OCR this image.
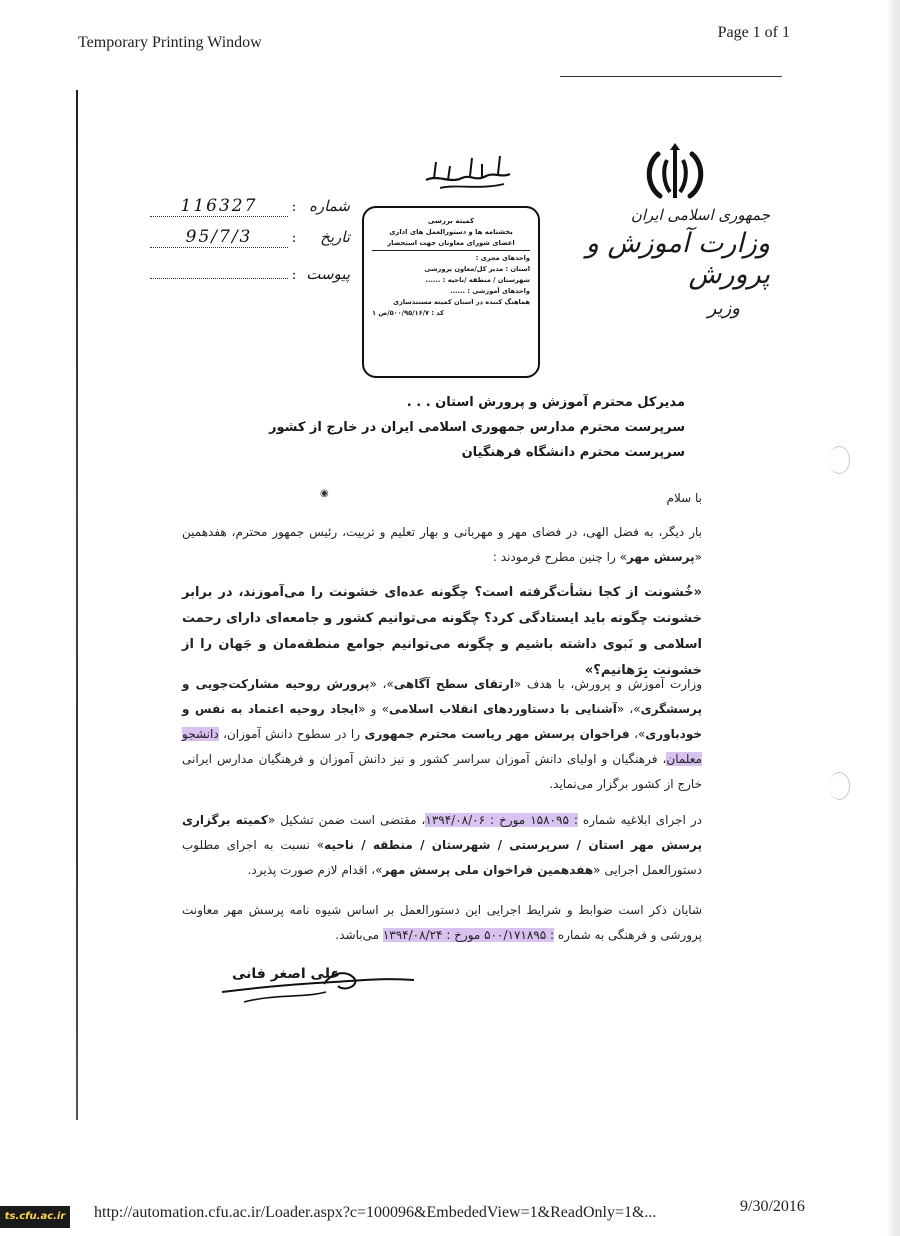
Temporary Printing Window
Page 1 of 1
جمهوری اسلامی ایران
وزارت آموزش و پرورش
وزیر
باسمه تعالی
کمیته بررسی
بخشنامه ها و دستورالعمل های اداری
اعضای شورای معاونان جهت استحضار
واحدهای مجری :
استان : مدیر کل/معاون پرورشی
شهرستان / منطقه /ناحیه : ......
واحدهای آموزشی : ......
هماهنگ کننده در استان کمیته مستندسازی
کد : ۵۰۰/۹۵/۱۶/۷/ص ۱
شماره
:
116327
تاریخ
:
95/7/3
پیوست
:
مدیرکل محترم آموزش و پرورش استان . . .
سرپرست محترم مدارس جمهوری اسلامی ایران در خارج از کشور
سرپرست محترم دانشگاه فرهنگیان
◉	با سلام
بار دیگر، به فضل الهی، در فضای مهر و مهربانی و بهار تعلیم و تربیت، رئیس جمهور محترم، هفدهمین «پرسش مهر» را چنین مطرح فرمودند :
«خُشونت از کجا نشأت‌گرفته است؟ چگونه عده‌ای خشونت را می‌آموزند، در برابر خشونت چگونه باید ایستادگی کرد؟ چگونه می‌توانیم کشور و جامعه‌ای دارای رحمت اسلامی و نَبوی داشته باشیم و چگونه می‌توانیم جوامع منطقه‌مان و جَهان را از خشونت بِرَهانیم؟»
وزارت آموزش و پرورش، با هدف «ارتقای سطح آگاهی»، «پرورش روحیه مشارکت‌جویی و پرسشگری»، «آشنایی با دستاوردهای انقلاب اسلامی» و «ایجاد روحیه اعتماد به نفس و خودباوری»، فراخوان پرسش مهر ریاست محترم جمهوری را در سطوح دانش آموزان، دانشجو معلمان، فرهنگیان و اولیای دانش آموزان سراسر کشور و نیز دانش آموزان و فرهنگیان مدارس ایرانی خارج از کشور برگزار می‌نماید.
در اجرای ابلاغیه شماره : ۱۵۸۰۹۵ مورخ : ۱۳۹۴/۰۸/۰۶، مقتضی است ضمن تشکیل «کمیته برگزاری پرسش مهر استان / سرپرستی / شهرستان / منطقه / ناحیه» نسبت به اجرای مطلوب دستورالعمل اجرایی «هفدهمین فراخوان ملی پرسش مهر»، اقدام لازم صورت پذیرد.
شایان ذکر است ضوابط و شرایط اجرایی این دستورالعمل بر اساس شیوه نامه پرسش مهر معاونت پرورشی و فرهنگی به شماره : ۵۰۰/۱۷۱۸۹۵ مورخ : ۱۳۹۴/۰۸/۲۴ می‌باشد.
علی اصغر فانی
http://automation.cfu.ac.ir/Loader.aspx?c=100096&EmbededView=1&ReadOnly=1&...	9/30/2016
ts.cfu.ac.ir
